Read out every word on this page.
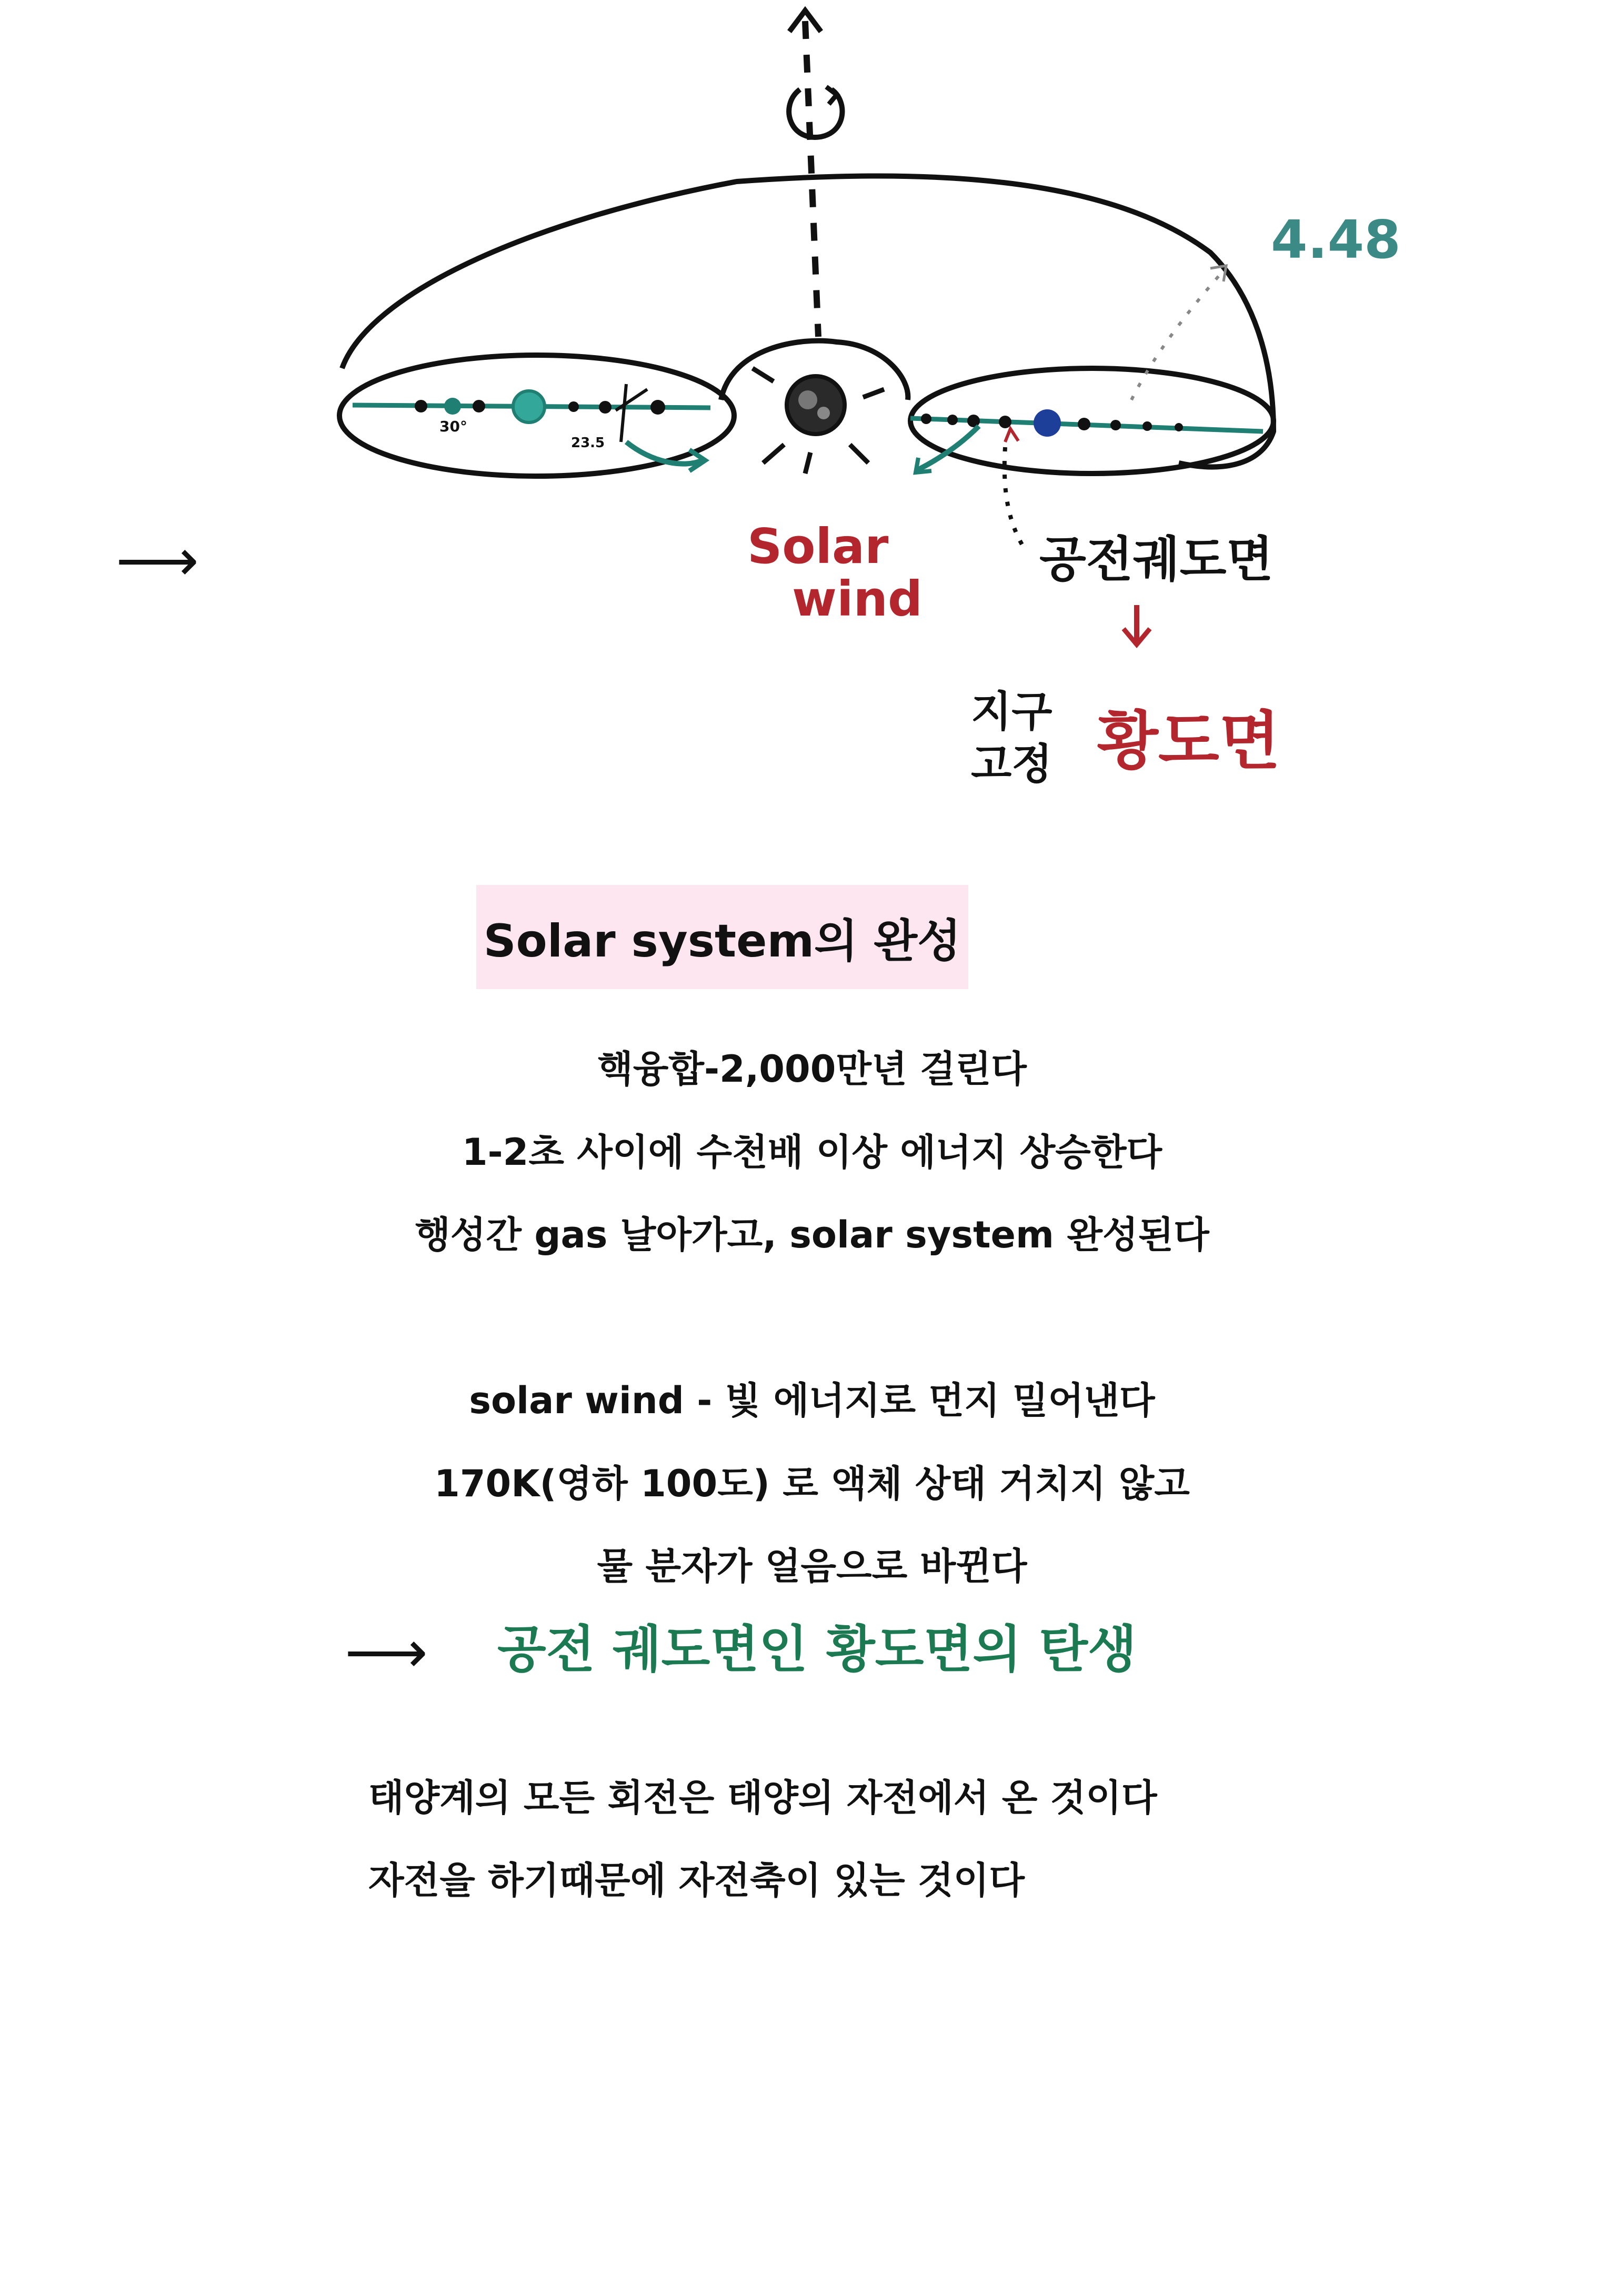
30°
23.5
4.48
Solar
wind
공전궤도면
지구
고정 황도면
⟶
Solar system의 완성
핵융합-2,000만년 걸린다
1-2초 사이에 수천배 이상 에너지 상승한다
행성간 gas 날아가고, solar system 완성된다
solar wind - 빛 에너지로 먼지 밀어낸다
170K(영하 100도) 로 액체 상태 거치지 않고
물 분자가 얼음으로 바뀐다
⟶ 공전 궤도면인 황도면의 탄생
태양계의 모든 회전은 태양의 자전에서 온 것이다
자전을 하기때문에 자전축이 있는 것이다
